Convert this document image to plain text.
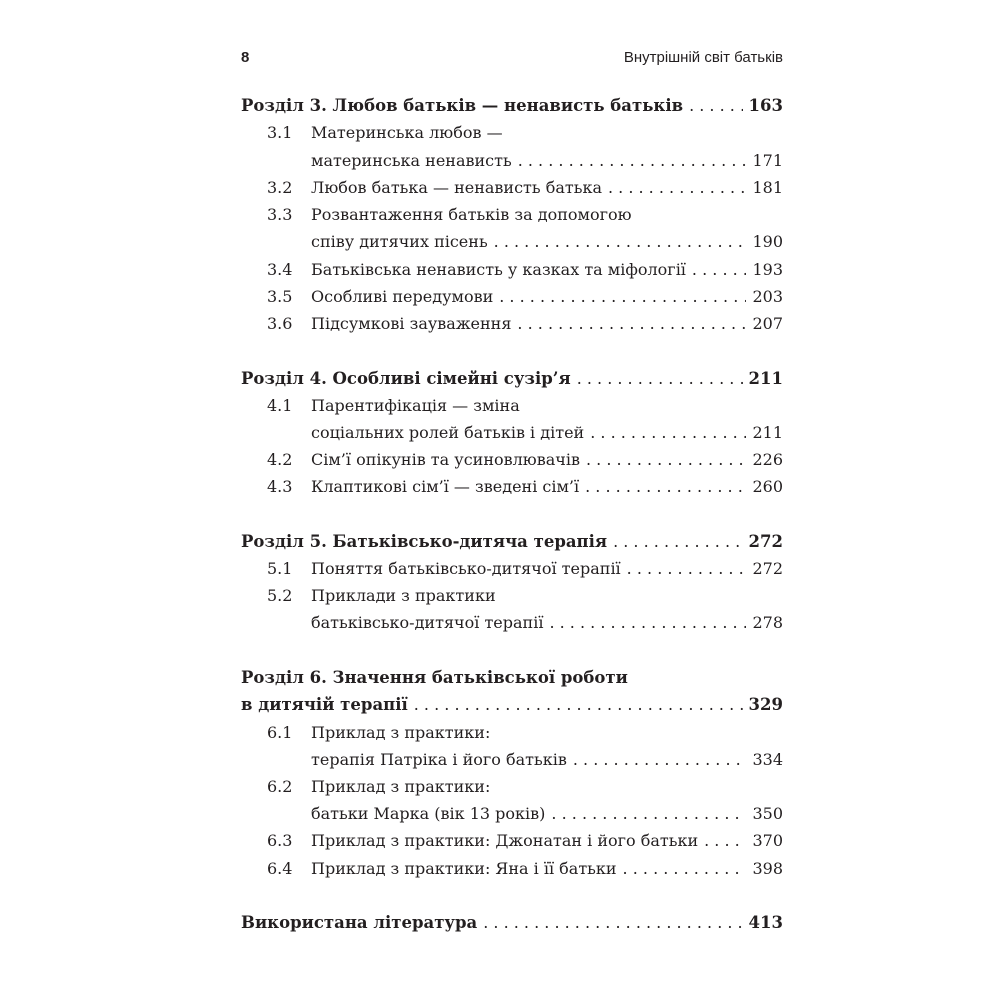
8	Внутрішній світ батьків
Розділ 3. Любов батьків — ненависть батьків . . .	163
3.1 Материнська любов —
материнська ненависть . . .	171
3.2 Любов батька — ненависть батька . . .	181
3.3 Розвантаження батьків за допомогою
співу дитячих пісень . . .	190
3.4 Батьківська ненависть у казках та міфології . . .	193
3.5 Особливі передумови . . .	203
3.6 Підсумкові зауваження . . .	207
Розділ 4. Особливі сімейні сузір’я . . .	211
4.1 Парентифікація — зміна
соціальних ролей батьків і дітей . . .	211
4.2 Сім’ї опікунів та усиновлювачів . . .	226
4.3 Клаптикові сім’ї — зведені сім’ї . . .	260
Розділ 5. Батьківсько-дитяча терапія . . .	272
5.1 Поняття батьківсько-дитячої терапії . . .	272
5.2 Приклади з практики
батьківсько-дитячої терапії . . .	278
Розділ 6. Значення батьківської роботи
в дитячій терапії . . .	329
6.1 Приклад з практики:
терапія Патріка і його батьків . . .	334
6.2 Приклад з практики:
батьки Марка (вік 13 років) . . .	350
6.3 Приклад з практики: Джонатан і його батьки . . .	370
6.4 Приклад з практики: Яна і її батьки . . .	398
Використана література . . .	413
